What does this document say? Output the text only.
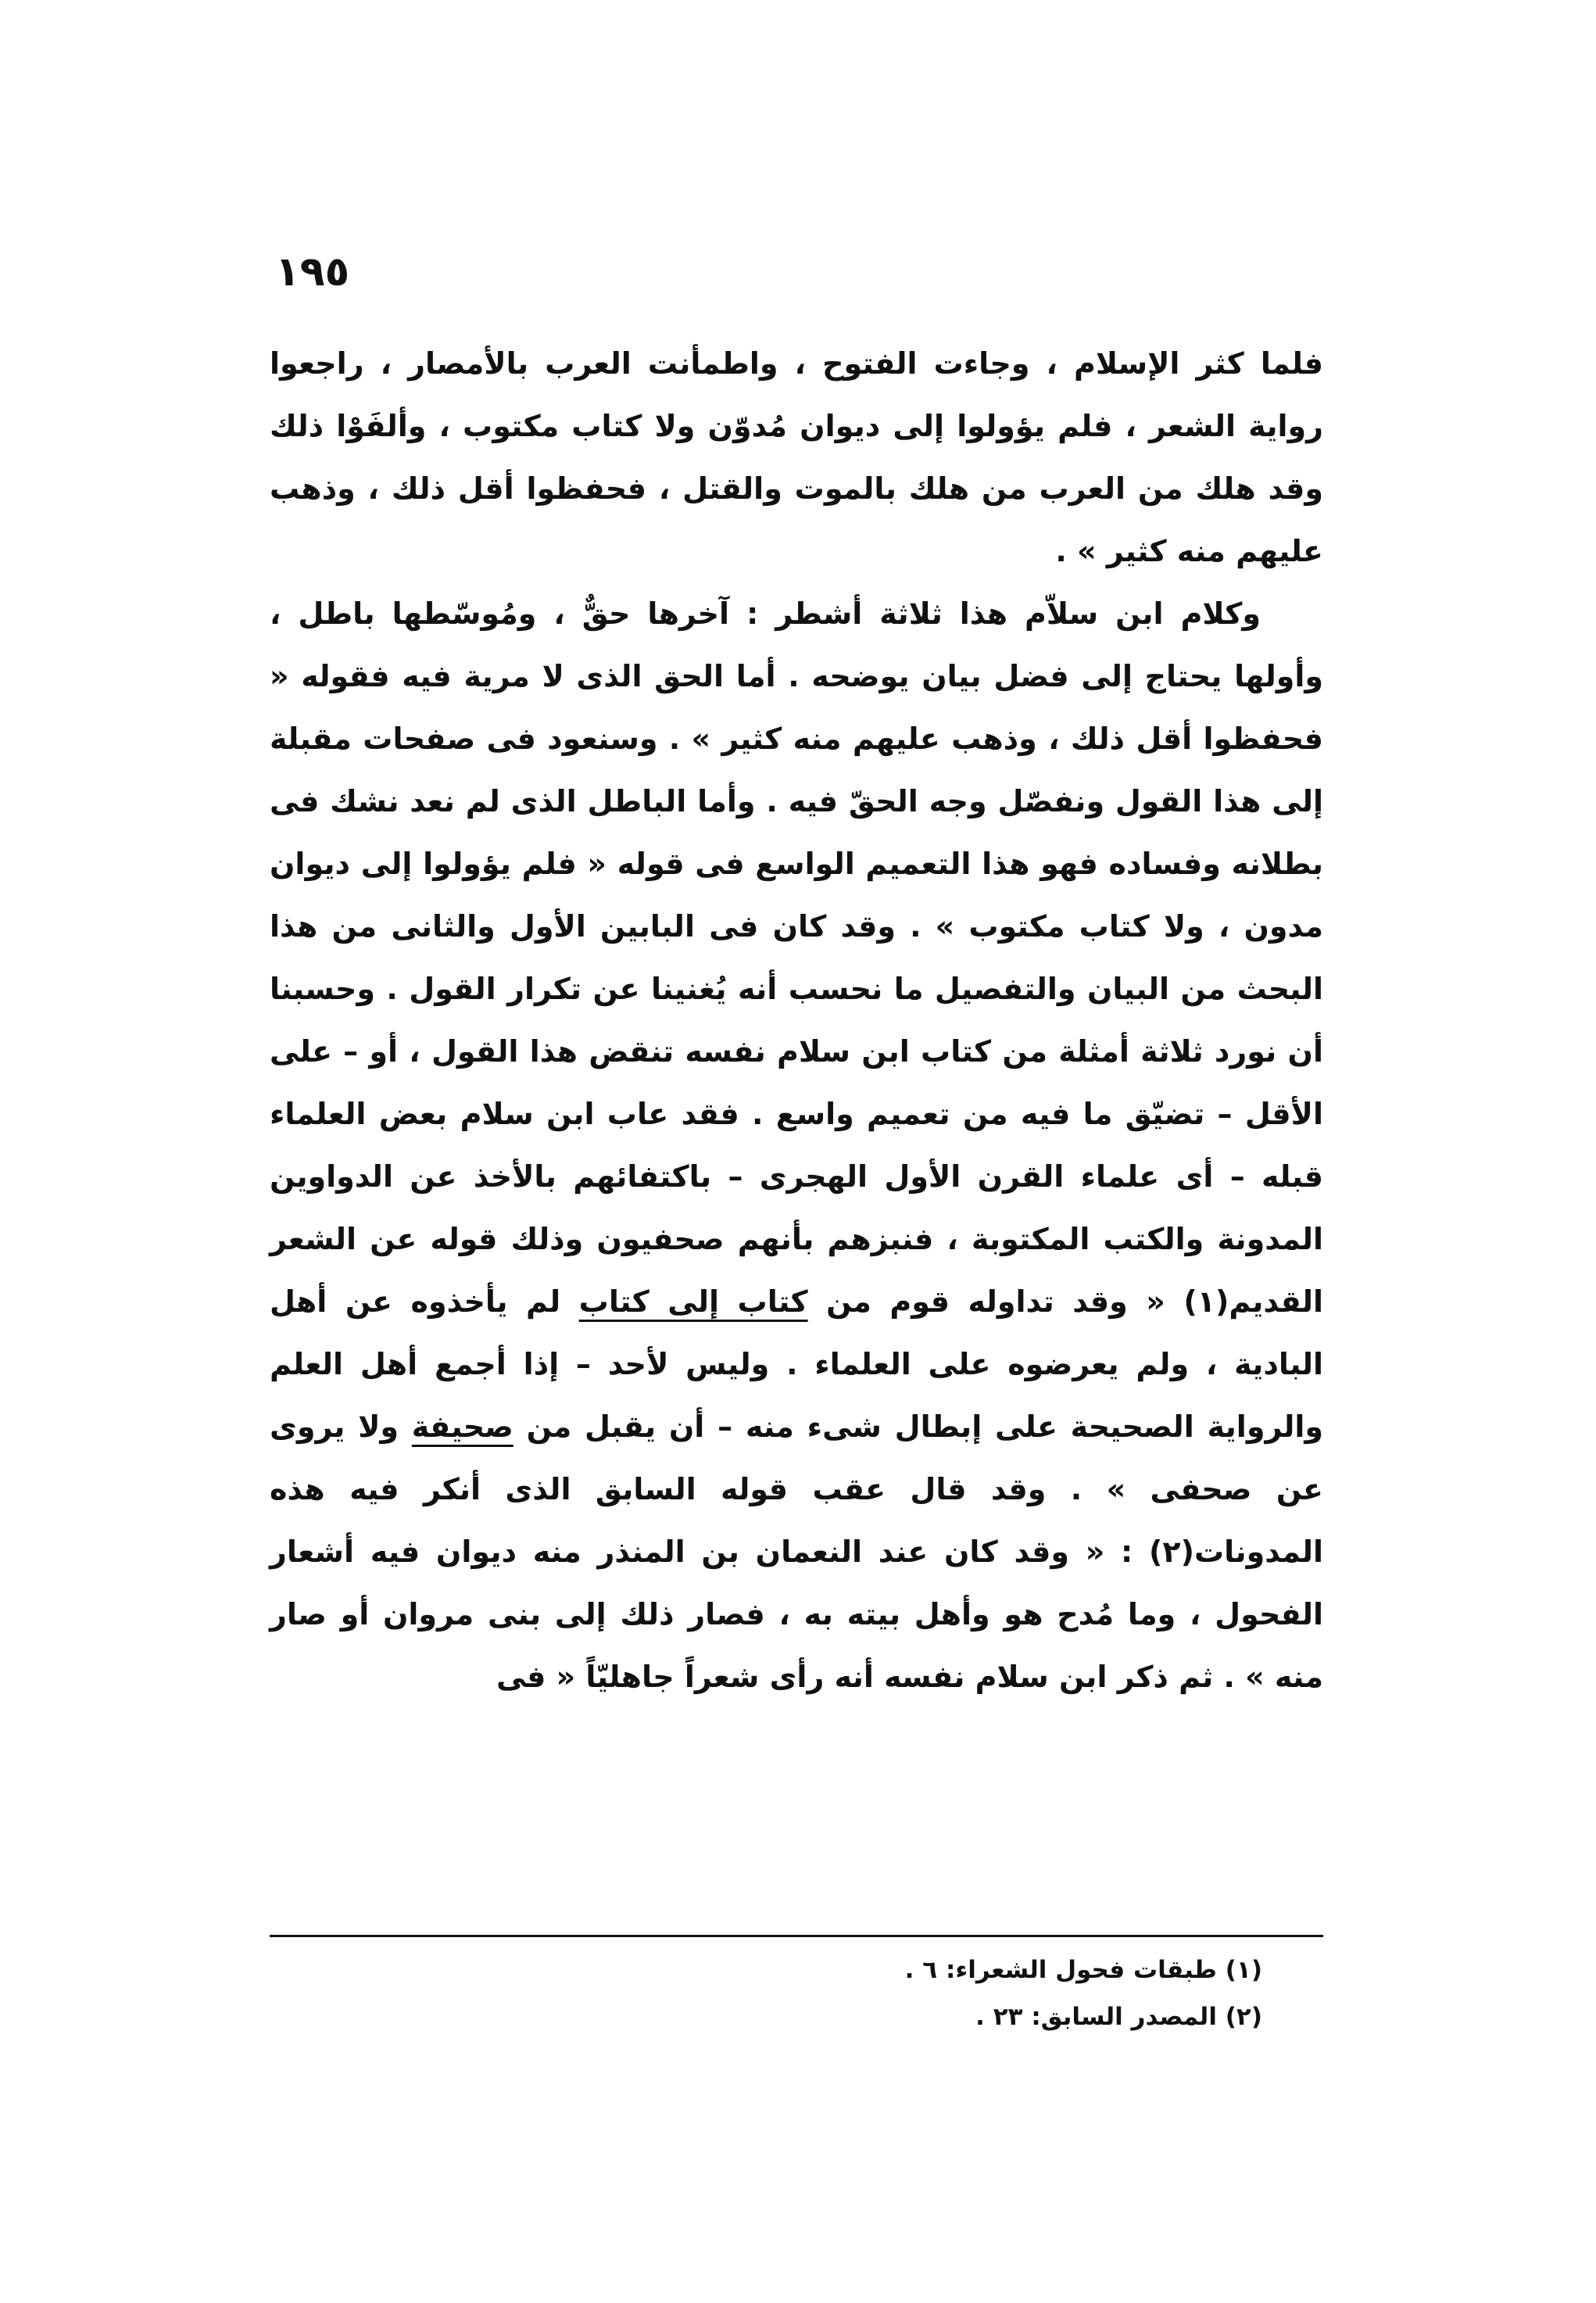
١٩٥

فلما كثر الإسلام ، وجاءت الفتوح ، واطمأنت العرب بالأمصار ، راجعوا رواية الشعر ، فلم يؤولوا إلى ديوان مُدوّن ولا كتاب مكتوب ، وألفَوْا ذلك وقد هلك من العرب من هلك بالموت والقتل ، فحفظوا أقل ذلك ، وذهب عليهم منه كثير » .

وكلام ابن سلاّم هذا ثلاثة أشطر : آخرها حقٌّ ، ومُوسّطها باطل ، وأولها يحتاج إلى فضل بيان يوضحه . أما الحق الذى لا مرية فيه فقوله « فحفظوا أقل ذلك ، وذهب عليهم منه كثير » . وسنعود فى صفحات مقبلة إلى هذا القول ونفصّل وجه الحقّ فيه . وأما الباطل الذى لم نعد نشك فى بطلانه وفساده فهو هذا التعميم الواسع فى قوله « فلم يؤولوا إلى ديوان مدون ، ولا كتاب مكتوب » . وقد كان فى البابين الأول والثانى من هذا البحث من البيان والتفصيل ما نحسب أنه يُغنينا عن تكرار القول . وحسبنا أن نورد ثلاثة أمثلة من كتاب ابن سلام نفسه تنقض هذا القول ، أو – على الأقل – تضيّق ما فيه من تعميم واسع . فقد عاب ابن سلام بعض العلماء قبله – أى علماء القرن الأول الهجرى – باكتفائهم بالأخذ عن الدواوين المدونة والكتب المكتوبة ، فنبزهم بأنهم صحفيون وذلك قوله عن الشعر القديم(١) « وقد تداوله قوم من كتاب إلى كتاب لم يأخذوه عن أهل البادية ، ولم يعرضوه على العلماء . وليس لأحد – إذا أجمع أهل العلم والرواية الصحيحة على إبطال شىء منه – أن يقبل من صحيفة ولا يروى عن صحفى » . وقد قال عقب قوله السابق الذى أنكر فيه هذه المدونات(٢) : « وقد كان عند النعمان بن المنذر منه ديوان فيه أشعار الفحول ، وما مُدح هو وأهل بيته به ، فصار ذلك إلى بنى مروان أو صار منه » . ثم ذكر ابن سلام نفسه أنه رأى شعراً جاهليّاً « فى

(١) طبقات فحول الشعراء: ٦ .
(٢) المصدر السابق: ٢٣ .
